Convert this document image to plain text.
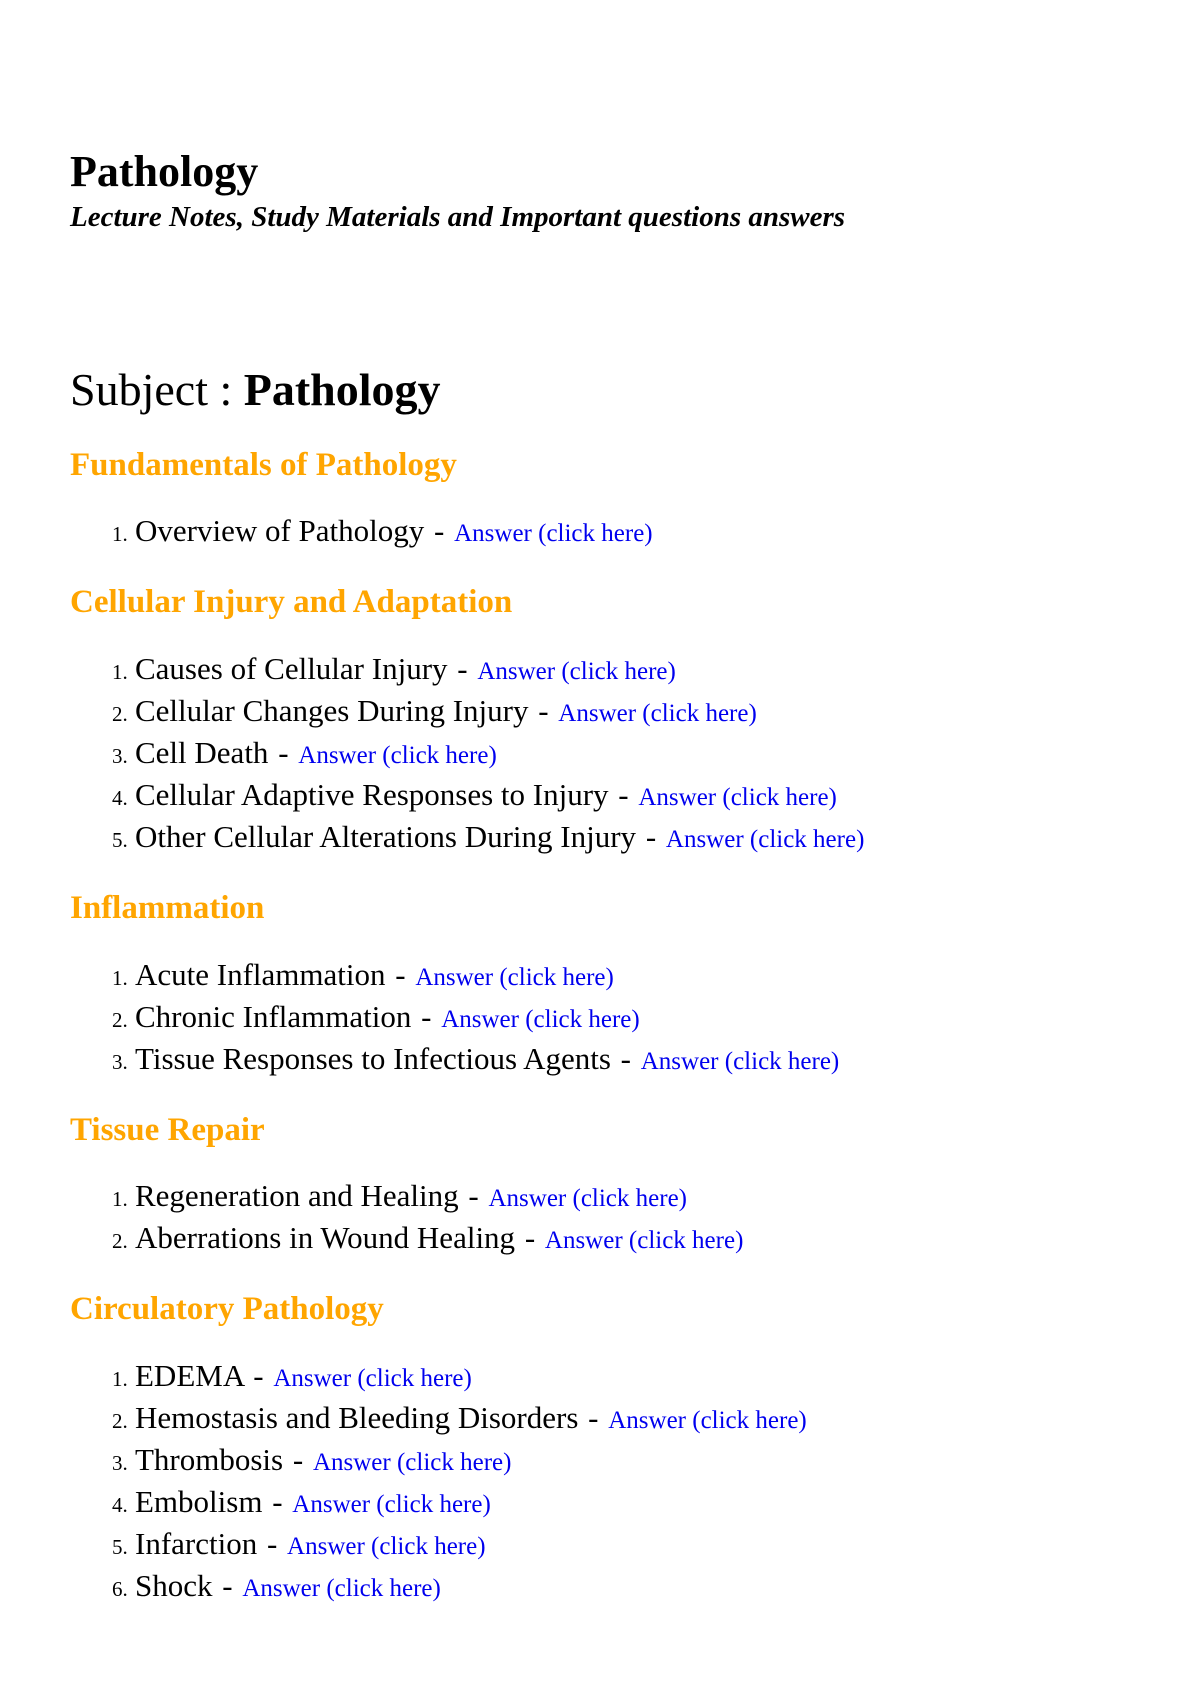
Pathology
Lecture Notes, Study Materials and Important questions answers
Subject : Pathology
Fundamentals of Pathology
1. Overview of Pathology - Answer (click here)
Cellular Injury and Adaptation
1. Causes of Cellular Injury - Answer (click here)
2. Cellular Changes During Injury - Answer (click here)
3. Cell Death - Answer (click here)
4. Cellular Adaptive Responses to Injury - Answer (click here)
5. Other Cellular Alterations During Injury - Answer (click here)
Inflammation
1. Acute Inflammation - Answer (click here)
2. Chronic Inflammation - Answer (click here)
3. Tissue Responses to Infectious Agents - Answer (click here)
Tissue Repair
1. Regeneration and Healing - Answer (click here)
2. Aberrations in Wound Healing - Answer (click here)
Circulatory Pathology
1. EDEMA - Answer (click here)
2. Hemostasis and Bleeding Disorders - Answer (click here)
3. Thrombosis - Answer (click here)
4. Embolism - Answer (click here)
5. Infarction - Answer (click here)
6. Shock - Answer (click here)
